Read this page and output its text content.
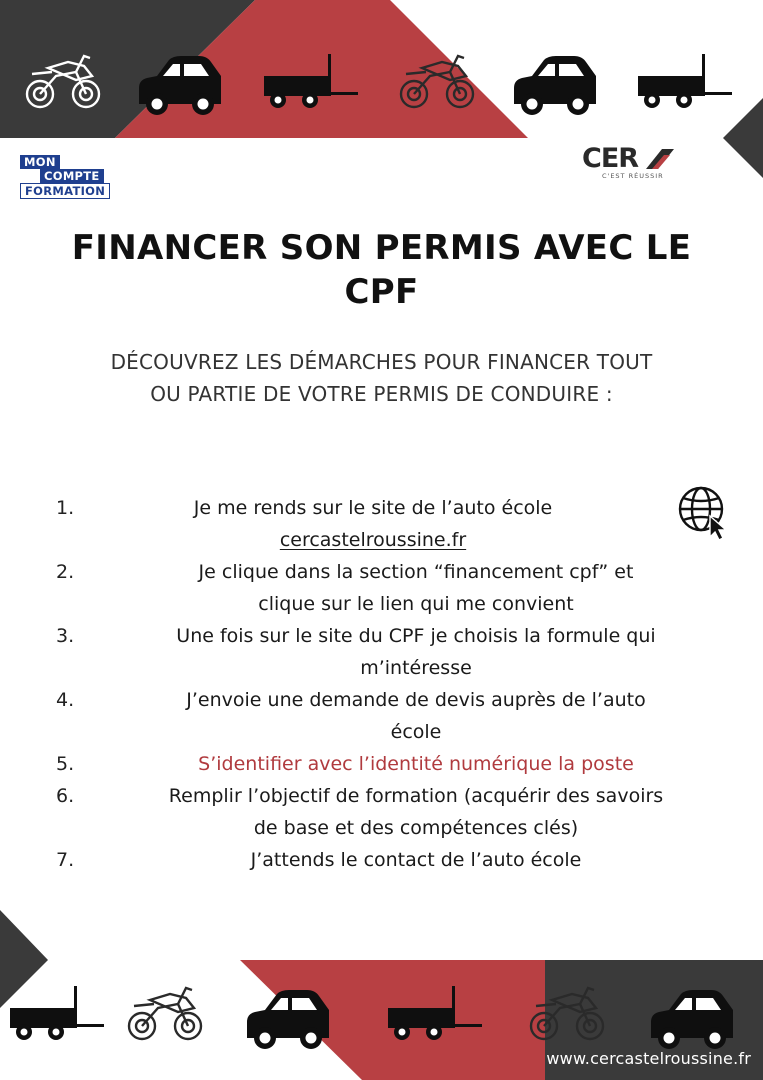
MON
COMPTE
FORMATION
CER
C'EST RÉUSSIR
FINANCER SON PERMIS AVEC LE CPF
DÉCOUVREZ LES DÉMARCHES POUR FINANCER TOUT
OU PARTIE DE VOTRE PERMIS DE CONDUIRE :
1.	Je me rends sur le site de l’auto école
cercastelroussine.fr
2.	Je clique dans la section “financement cpf” et
clique sur le lien qui me convient
3.	Une fois sur le site du CPF je choisis la formule qui
m’intéresse
4.	J’envoie une demande de devis auprès de l’auto
école
5.	S’identifier avec l’identité numérique la poste
6.	Remplir l’objectif de formation (acquérir des savoirs
de base et des compétences clés)
7.	J’attends le contact de l’auto école
www.cercastelroussine.fr
